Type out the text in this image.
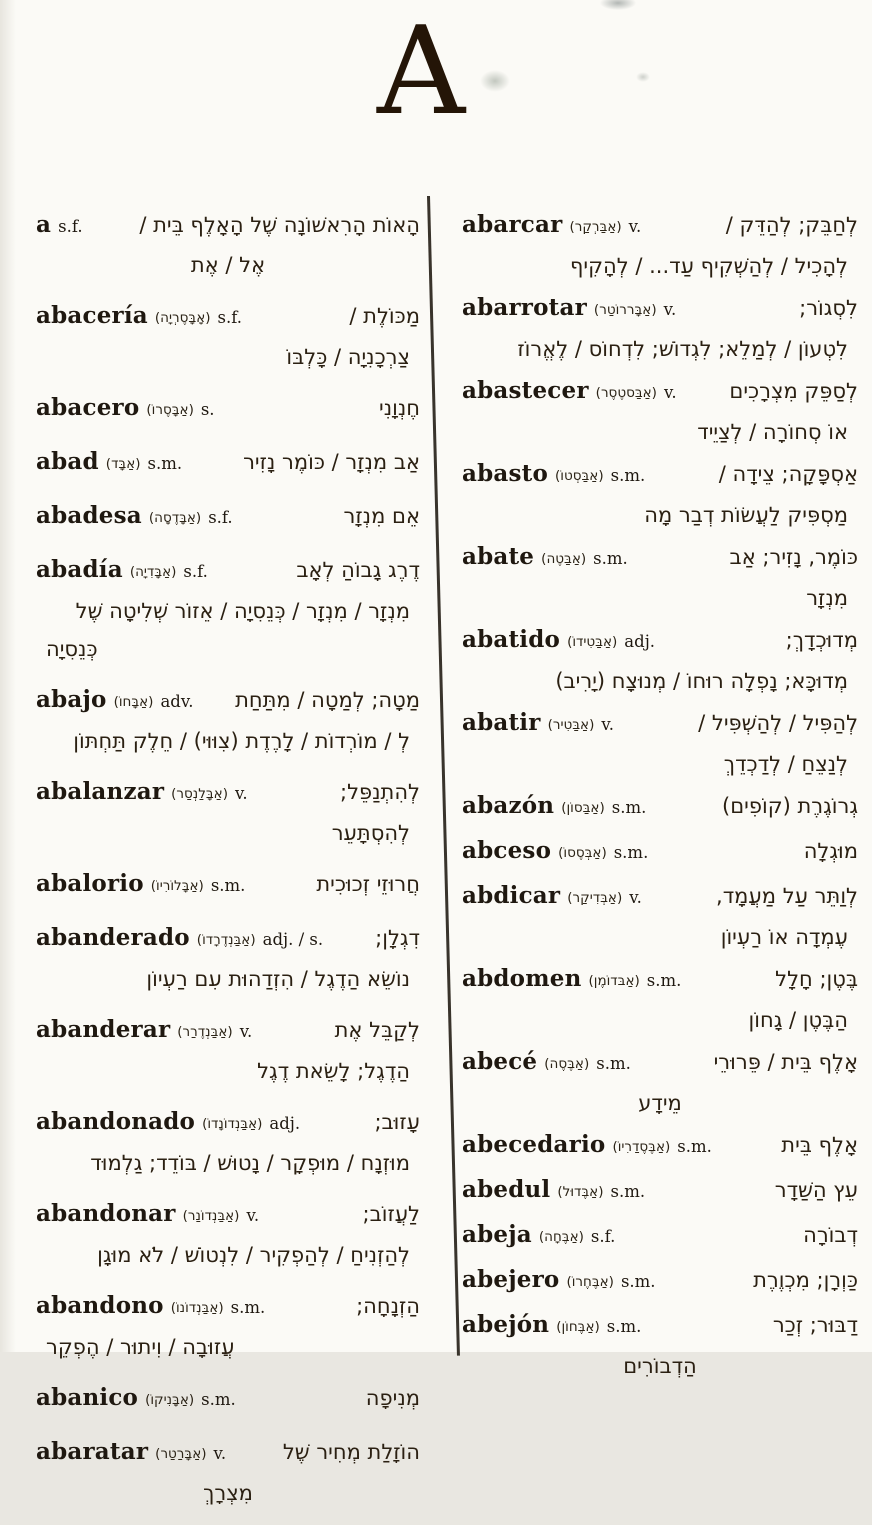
A
a s.f.	הָאוֹת הָרִאשׁוֹנָה שֶׁל הָאָלֶף בֵּית /
אֶל / אֶת
abacería (אָבָּסֶרְיָה) s.f.	מַכּוֹלֶת /
צַרְכָנִיָה / כָּלְבּוֹ
abacero (אַבָּסֶרוֹ) s.	חֶנְוָנִי
abad (אַבָּד) s.m.	אַב מִנְזָר / כּוֹמֶר נָזִיר
abadesa (אַבָּדֶסָה) s.f.	אֵם מִנְזָר
abadía (אַבָּדִיָה) s.f.	דֶרֶג גָבוֹהַ לְאָב
מִנְזָר / מִנְזָר / כְּנֵסִיָה / אֵזוֹר שְׁלִיטָה שֶׁל
כְּנֵסִיָה
abajo (אַבָּחוֹ) adv. מַטָה; לְמַטָה / מִתַּחַת
לְ / מוֹרְדוֹת / לָרֶדֶת (צִוּוּי) / חֵלֶק תַּחְתּוֹן
abalanzar (אַבָּלַנְסַר) v.	לְהִתְנַפֵּל;
לְהִסְתָּעֵר
abalorio (אַבָּלוֹרִיוֹ) s.m.	חֲרוּזֵי זְכוּכִית
abanderado (אַבַּנְדֶרָדוֹ) adj. / s. דִגְלָן;
נוֹשֵׂא הַדֶגֶל / הִזְדַהוּת עִם רַעְיוֹן
abanderar (אַבַּנְדֶרַר) v.	לְקַבֵּל אֶת
הַדֶגֶל; לָשֵׂאת דֶגֶל
abandonado (אַבַּנְדוֹנָדוֹ) adj.	עָזוּב;
מוּזְנָח / מוּפְקָר / נָטוּשׁ / בּוֹדֵד; גַלְמוּד
abandonar (אַבַּנְדוֹנַר) v.	לַעֲזוֹב;
לְהַזְנִיחַ / לְהַפְקִיר / לִנְטוֹשׁ / לֹא מוּגָן
abandono (אַבַּנְדוֹנוֹ) s.m.	הַזְנָחָה;
עֲזוּבָה / וִיתוּר / הֶפְקֵר
abanico (אַבָּנִיקוֹ) s.m.	מְנִיפָה
abaratar (אַבָּרַטַר) v.	הוֹזָלַת מְחִיר שֶׁל
מִצְרָךְ
abarcar (אַבַּרְקַר) v.	לְחַבֵּק; לְהַדֵּק /
לְהָכִיל / לְהַשְׁקִיף עַד... / לְהָקִיף
abarrotar (אַבָּררוֹטַר) v.	לִסְגוֹר;
לִטְעוֹן / לְמַלֵא; לִגְדוֹשׁ; לִדְחוֹס / לֶאֱרוֹז
abastecer (אַבַּסטֶסֶר) v.	לְסַפֵּק מִצְרָכִים
אוֹ סְחוֹרָה / לְצַיֵיד
abasto (אַבַּסְטוֹ) s.m.	אַסְפָּקָה; צֵידָה /
מַסְפִּיק לַעֲשׂוֹת דְבַר מָה
abate (אַבַּטֶה) s.m.	כּוֹמֶר, נָזִיר; אַב
מִנְזָר
abatido (אַבַּטִידוֹ) adj.	מְדוּכְדָךְ;
מְדוּכָּא; נָפְלָה רוּחוֹ / מְנוּצָח (יָרִיב)
abatir (אַבַּטִיר) v.	לְהַפִּיל / לְהַשְׁפִּיל /
לְנַצֵחַ / לְדַכְדֵךְ
abazón (אַבַּסוֹן) s.m.	גְרוֹגֶרֶת (קוֹפִים)
abceso (אַבְּסֶסוֹ) s.m.	מוּגְלָה
abdicar (אַבְּדִיקַר) v.	לְוַתֵּר עַל מַעֲמָד,
עֶמְדָה אוֹ רַעְיוֹן
abdomen (אַבּדוֹמֶן) s.m.	בֶּטֶן; חָלָל
הַבֶּטֶן / גָחוֹן
abecé (אַבֶּסֶה) s.m.	אָלֶף בֵּית / פֵּרוּרֵי
מֵידָע
abecedario (אַבֶּסֶדַרִיוֹ) s.m.	אָלֶף בֵּית
abedul (אַבֶּדוּל) s.m.	עֵץ הַשַׁדָר
abeja (אַבֶּחָה) s.f.	דְבוֹרָה
abejero (אַבֶּחֶרוֹ) s.m.	כַּוְרָן; מִכְוֶרֶת
abejón (אַבֶּחוֹן) s.m.	דַבּוּר; זְכַר
הַדְבוֹרִים
